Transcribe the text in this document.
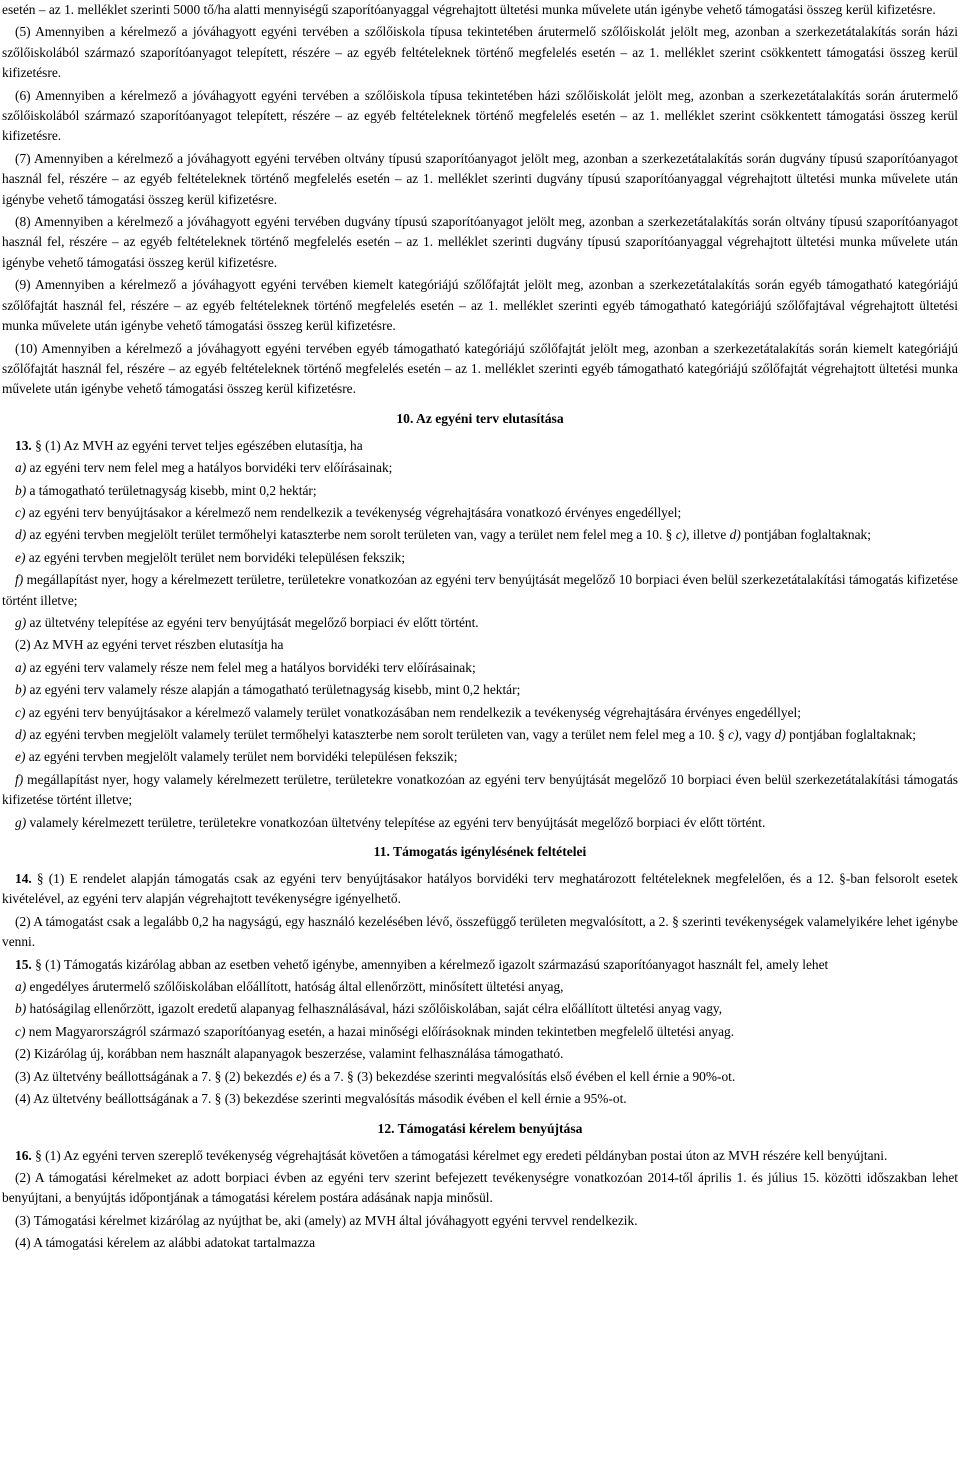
esetén – az 1. melléklet szerinti 5000 tő/ha alatti mennyiségű szaporítóanyaggal végrehajtott ültetési munka művelete után igénybe vehető támogatási összeg kerül kifizetésre.

(5) Amennyiben a kérelmező a jóváhagyott egyéni tervében a szőlőiskola típusa tekintetében árutermelő szőlőiskolát jelölt meg, azonban a szerkezetátalakítás során házi szőlőiskolából származó szaporítóanyagot telepített, részére – az egyéb feltételeknek történő megfelelés esetén – az 1. melléklet szerint csökkentett támogatási összeg kerül kifizetésre.

(6) Amennyiben a kérelmező a jóváhagyott egyéni tervében a szőlőiskola típusa tekintetében házi szőlőiskolát jelölt meg, azonban a szerkezetátalakítás során árutermelő szőlőiskolából származó szaporítóanyagot telepített, részére – az egyéb feltételeknek történő megfelelés esetén – az 1. melléklet szerint csökkentett támogatási összeg kerül kifizetésre.

(7) Amennyiben a kérelmező a jóváhagyott egyéni tervében oltvány típusú szaporítóanyagot jelölt meg, azonban a szerkezetátalakítás során dugvány típusú szaporítóanyagot használ fel, részére – az egyéb feltételeknek történő megfelelés esetén – az 1. melléklet szerinti dugvány típusú szaporítóanyaggal végrehajtott ültetési munka művelete után igénybe vehető támogatási összeg kerül kifizetésre.

(8) Amennyiben a kérelmező a jóváhagyott egyéni tervében dugvány típusú szaporítóanyagot jelölt meg, azonban a szerkezetátalakítás során oltvány típusú szaporítóanyagot használ fel, részére – az egyéb feltételeknek történő megfelelés esetén – az 1. melléklet szerinti dugvány típusú szaporítóanyaggal végrehajtott ültetési munka művelete után igénybe vehető támogatási összeg kerül kifizetésre.

(9) Amennyiben a kérelmező a jóváhagyott egyéni tervében kiemelt kategóriájú szőlőfajtát jelölt meg, azonban a szerkezetátalakítás során egyéb támogatható kategóriájú szőlőfajtát használ fel, részére – az egyéb feltételeknek történő megfelelés esetén – az 1. melléklet szerinti egyéb támogatható kategóriájú szőlőfajtával végrehajtott ültetési munka művelete után igénybe vehető támogatási összeg kerül kifizetésre.

(10) Amennyiben a kérelmező a jóváhagyott egyéni tervében egyéb támogatható kategóriájú szőlőfajtát jelölt meg, azonban a szerkezetátalakítás során kiemelt kategóriájú szőlőfajtát használ fel, részére – az egyéb feltételeknek történő megfelelés esetén – az 1. melléklet szerinti egyéb támogatható kategóriájú szőlőfajtát végrehajtott ültetési munka művelete után igénybe vehető támogatási összeg kerül kifizetésre.

10. Az egyéni terv elutasítása

13. § (1) Az MVH az egyéni tervet teljes egészében elutasítja, ha

a) az egyéni terv nem felel meg a hatályos borvidéki terv előírásainak;

b) a támogatható területnagyság kisebb, mint 0,2 hektár;

c) az egyéni terv benyújtásakor a kérelmező nem rendelkezik a tevékenység végrehajtására vonatkozó érvényes engedéllyel;

d) az egyéni tervben megjelölt terület termőhelyi kataszterbe nem sorolt területen van, vagy a terület nem felel meg a 10. § c), illetve d) pontjában foglaltaknak;

e) az egyéni tervben megjelölt terület nem borvidéki településen fekszik;

f) megállapítást nyer, hogy a kérelmezett területre, területekre vonatkozóan az egyéni terv benyújtását megelőző 10 borpiaci éven belül szerkezetátalakítási támogatás kifizetése történt illetve;

g) az ültetvény telepítése az egyéni terv benyújtását megelőző borpiaci év előtt történt.

(2) Az MVH az egyéni tervet részben elutasítja ha

a) az egyéni terv valamely része nem felel meg a hatályos borvidéki terv előírásainak;

b) az egyéni terv valamely része alapján a támogatható területnagyság kisebb, mint 0,2 hektár;

c) az egyéni terv benyújtásakor a kérelmező valamely terület vonatkozásában nem rendelkezik a tevékenység végrehajtására érvényes engedéllyel;

d) az egyéni tervben megjelölt valamely terület termőhelyi kataszterbe nem sorolt területen van, vagy a terület nem felel meg a 10. § c), vagy d) pontjában foglaltaknak;

e) az egyéni tervben megjelölt valamely terület nem borvidéki településen fekszik;

f) megállapítást nyer, hogy valamely kérelmezett területre, területekre vonatkozóan az egyéni terv benyújtását megelőző 10 borpiaci éven belül szerkezetátalakítási támogatás kifizetése történt illetve;

g) valamely kérelmezett területre, területekre vonatkozóan ültetvény telepítése az egyéni terv benyújtását megelőző borpiaci év előtt történt.

11. Támogatás igénylésének feltételei

14. § (1) E rendelet alapján támogatás csak az egyéni terv benyújtásakor hatályos borvidéki terv meghatározott feltételeknek megfelelően, és a 12. §-ban felsorolt esetek kivételével, az egyéni terv alapján végrehajtott tevékenységre igényelhető.

(2) A támogatást csak a legalább 0,2 ha nagyságú, egy használó kezelésében lévő, összefüggő területen megvalósított, a 2. § szerinti tevékenységek valamelyikére lehet igénybe venni.

15. § (1) Támogatás kizárólag abban az esetben vehető igénybe, amennyiben a kérelmező igazolt származású szaporítóanyagot használt fel, amely lehet

a) engedélyes árutermelő szőlőiskolában előállított, hatóság által ellenőrzött, minősített ültetési anyag,

b) hatóságilag ellenőrzött, igazolt eredetű alapanyag felhasználásával, házi szőlőiskolában, saját célra előállított ültetési anyag vagy,

c) nem Magyarországról származó szaporítóanyag esetén, a hazai minőségi előírásoknak minden tekintetben megfelelő ültetési anyag.

(2) Kizárólag új, korábban nem használt alapanyagok beszerzése, valamint felhasználása támogatható.

(3) Az ültetvény beállottságának a 7. § (2) bekezdés e) és a 7. § (3) bekezdése szerinti megvalósítás első évében el kell érnie a 90%-ot.

(4) Az ültetvény beállottságának a 7. § (3) bekezdése szerinti megvalósítás második évében el kell érnie a 95%-ot.

12. Támogatási kérelem benyújtása

16. § (1) Az egyéni terven szereplő tevékenység végrehajtását követően a támogatási kérelmet egy eredeti példányban postai úton az MVH részére kell benyújtani.

(2) A támogatási kérelmeket az adott borpiaci évben az egyéni terv szerint befejezett tevékenységre vonatkozóan 2014-től április 1. és július 15. közötti időszakban lehet benyújtani, a benyújtás időpontjának a támogatási kérelem postára adásának napja minősül.

(3) Támogatási kérelmet kizárólag az nyújthat be, aki (amely) az MVH által jóváhagyott egyéni tervvel rendelkezik.

(4) A támogatási kérelem az alábbi adatokat tartalmazza
